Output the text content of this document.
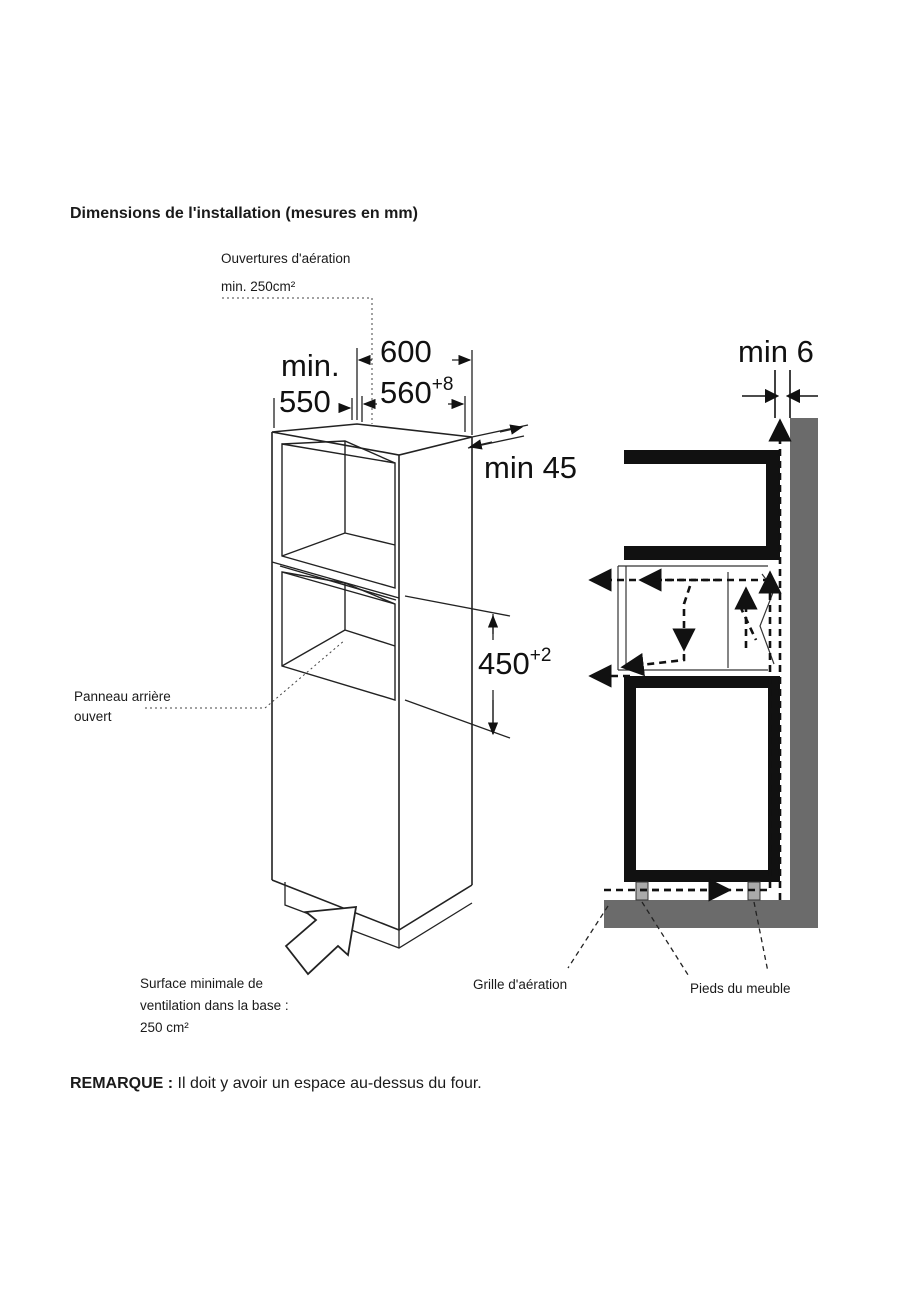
Dimensions de l'installation (mesures en mm)
Ouvertures d'aération
min. 250cm²
600
min.
550 $560^{+8}$
min 45
$450^{+2}$
min 6
Panneau arrière
ouvert
Surface minimale de
ventilation dans la base :
250 cm²
Grille d'aération	Pieds du meuble
REMARQUE : Il doit y avoir un espace au-dessus du four.
